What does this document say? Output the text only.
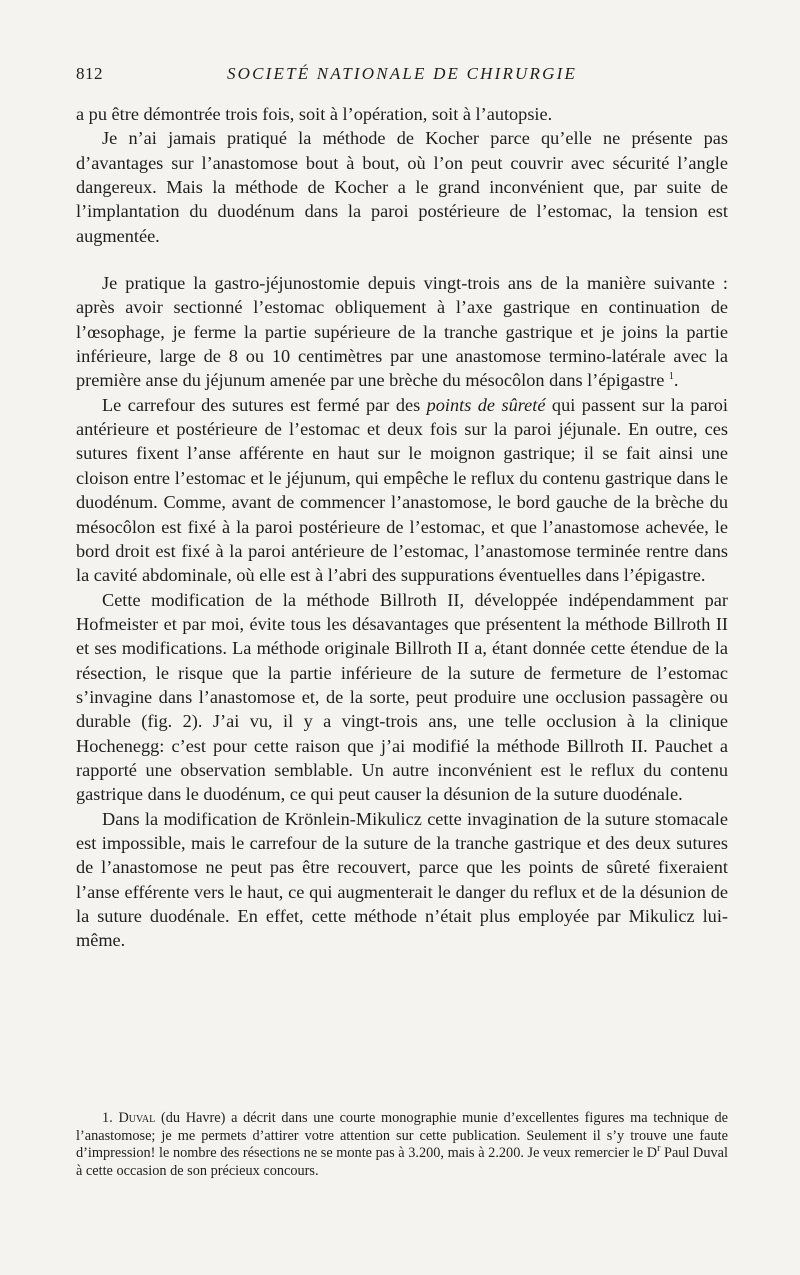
812	SOCIETÉ NATIONALE DE CHIRURGIE

a pu être démontrée trois fois, soit à l’opération, soit à l’autopsie.

Je n’ai jamais pratiqué la méthode de Kocher parce qu’elle ne présente pas d’avantages sur l’anastomose bout à bout, où l’on peut couvrir avec sécurité l’angle dangereux. Mais la méthode de Kocher a le grand inconvénient que, par suite de l’implantation du duodénum dans la paroi postérieure de l’estomac, la tension est augmentée.

Je pratique la gastro-jéjunostomie depuis vingt-trois ans de la manière suivante : après avoir sectionné l’estomac obliquement à l’axe gastrique en continuation de l’œsophage, je ferme la partie supérieure de la tranche gastrique et je joins la partie inférieure, large de 8 ou 10 centimètres par une anastomose termino-latérale avec la première anse du jéjunum amenée par une brèche du mésocôlon dans l’épigastre $^1$.

Le carrefour des sutures est fermé par des points de sûreté qui passent sur la paroi antérieure et postérieure de l’estomac et deux fois sur la paroi jéjunale. En outre, ces sutures fixent l’anse afférente en haut sur le moignon gastrique; il se fait ainsi une cloison entre l’estomac et le jéjunum, qui empêche le reflux du contenu gastrique dans le duodénum. Comme, avant de commencer l’anastomose, le bord gauche de la brèche du mésocôlon est fixé à la paroi postérieure de l’estomac, et que l’anastomose achevée, le bord droit est fixé à la paroi antérieure de l’estomac, l’anastomose terminée rentre dans la cavité abdominale, où elle est à l’abri des suppurations éventuelles dans l’épigastre.

Cette modification de la méthode Billroth II, développée indépendamment par Hofmeister et par moi, évite tous les désavantages que présentent la méthode Billroth II et ses modifications. La méthode originale Billroth II a, étant donnée cette étendue de la résection, le risque que la partie inférieure de la suture de fermeture de l’estomac s’invagine dans l’anastomose et, de la sorte, peut produire une occlusion passagère ou durable (fig. 2). J’ai vu, il y a vingt-trois ans, une telle occlusion à la clinique Hochenegg: c’est pour cette raison que j’ai modifié la méthode Billroth II. Pauchet a rapporté une observation semblable. Un autre inconvénient est le reflux du contenu gastrique dans le duodénum, ce qui peut causer la désunion de la suture duodénale.

Dans la modification de Krönlein-Mikulicz cette invagination de la suture stomacale est impossible, mais le carrefour de la suture de la tranche gastrique et des deux sutures de l’anastomose ne peut pas être recouvert, parce que les points de sûreté fixeraient l’anse efférente vers le haut, ce qui augmenterait le danger du reflux et de la désunion de la suture duodénale. En effet, cette méthode n’était plus employée par Mikulicz lui-même.

1. Duval (du Havre) a décrit dans une courte monographie munie d’excellentes figures ma technique de l’anastomose; je me permets d’attirer votre attention sur cette publication. Seulement il s’y trouve une faute d’impression! le nombre des résections ne se monte pas à 3.200, mais à 2.200. Je veux remercier le $D^r$ Paul Duval à cette occasion de son précieux concours.
